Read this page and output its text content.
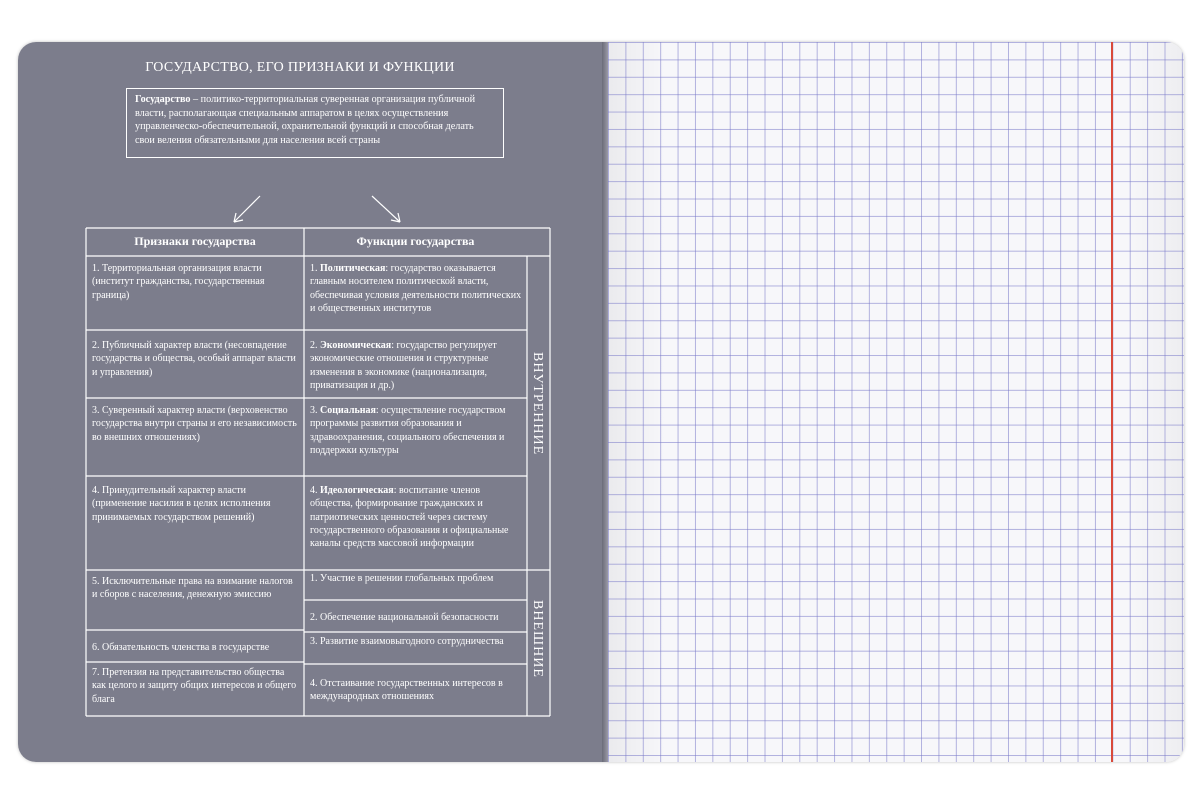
ГОСУДАРСТВО, ЕГО ПРИЗНАКИ И ФУНКЦИИ
Государство – политико-территориальная суверенная организация публичной власти, располагающая специальным аппаратом в целях осуществления управленческо-обеспечительной, охранительной функций и способная делать свои веления обязательными для населения всей страны
Признаки государства	Функции государства
1. Территориальная организация власти (институт гражданства, государственная граница)
2. Публичный характер власти (несовпадение государства и общества, особый аппарат власти и управления)
3. Суверенный характер власти (верховенство государства внутри страны и его независимость во внешних отношениях)
4. Принудительный характер власти (применение насилия в целях исполнения принимаемых государством решений)
5. Исключительные права на взимание налогов и сборов с населения, денежную эмиссию
6. Обязательность членства в государстве
7. Претензия на представительство общества как целого и защиту общих интересов и общего блага
1. Политическая: государство оказывается главным носителем политической власти, обеспечивая условия деятельности политических и общественных институтов
2. Экономическая: государство регулирует экономические отношения и структурные изменения в экономике (национализация, приватизация и др.)
3. Социальная: осуществление государством программы развития образования и здравоохранения, социального обеспечения и поддержки культуры
4. Идеологическая: воспитание членов общества, формирование гражданских и патриотических ценностей через систему государственного образования и официальные каналы средств массовой информации
1. Участие в решении глобальных проблем
2. Обеспечение национальной безопасности
3. Развитие взаимовыгодного сотрудничества
4. Отстаивание государственных интересов в международных отношениях
ВНУТРЕННИЕ
ВНЕШНИЕ
